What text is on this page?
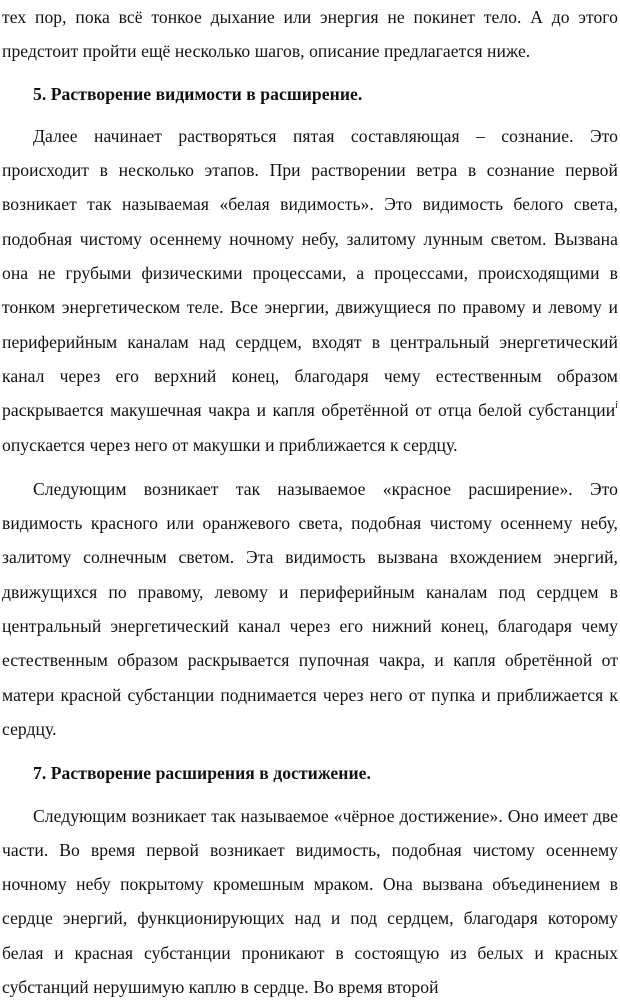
тех пор, пока всё тонкое дыхание или энергия не покинет тело. А до этого предстоит пройти ещё несколько шагов, описание предлагается ниже.

5. Растворение видимости в расширение.

Далее начинает растворяться пятая составляющая – сознание. Это происходит в несколько этапов. При растворении ветра в сознание первой возникает так называемая «белая видимость». Это видимость белого света, подобная чистому осеннему ночному небу, залитому лунным светом. Вызвана она не грубыми физическими процессами, а процессами, происходящими в тонком энергетическом теле. Все энергии, движущиеся по правому и левому и периферийным каналам над сердцем, входят в центральный энергетический канал через его верхний конец, благодаря чему естественным образом раскрывается макушечная чакра и капля обретённой от отца белой субстанции$^i$ опускается через него от макушки и приближается к сердцу.

Следующим возникает так называемое «красное расширение». Это видимость красного или оранжевого света, подобная чистому осеннему небу, залитому солнечным светом. Эта видимость вызвана вхождением энергий, движущихся по правому, левому и периферийным каналам под сердцем в центральный энергетический канал через его нижний конец, благодаря чему естественным образом раскрывается пупочная чакра, и капля обретённой от матери красной субстанции поднимается через него от пупка и приближается к сердцу.

7. Растворение расширения в достижение.

Следующим возникает так называемое «чёрное достижение». Оно имеет две части. Во время первой возникает видимость, подобная чистому осеннему ночному небу покрытому кромешным мраком. Она вызвана объединением в сердце энергий, функционирующих над и под сердцем, благодаря которому белая и красная субстанции проникают в состоящую из белых и красных субстанций нерушимую каплю в сердце. Во время второй
